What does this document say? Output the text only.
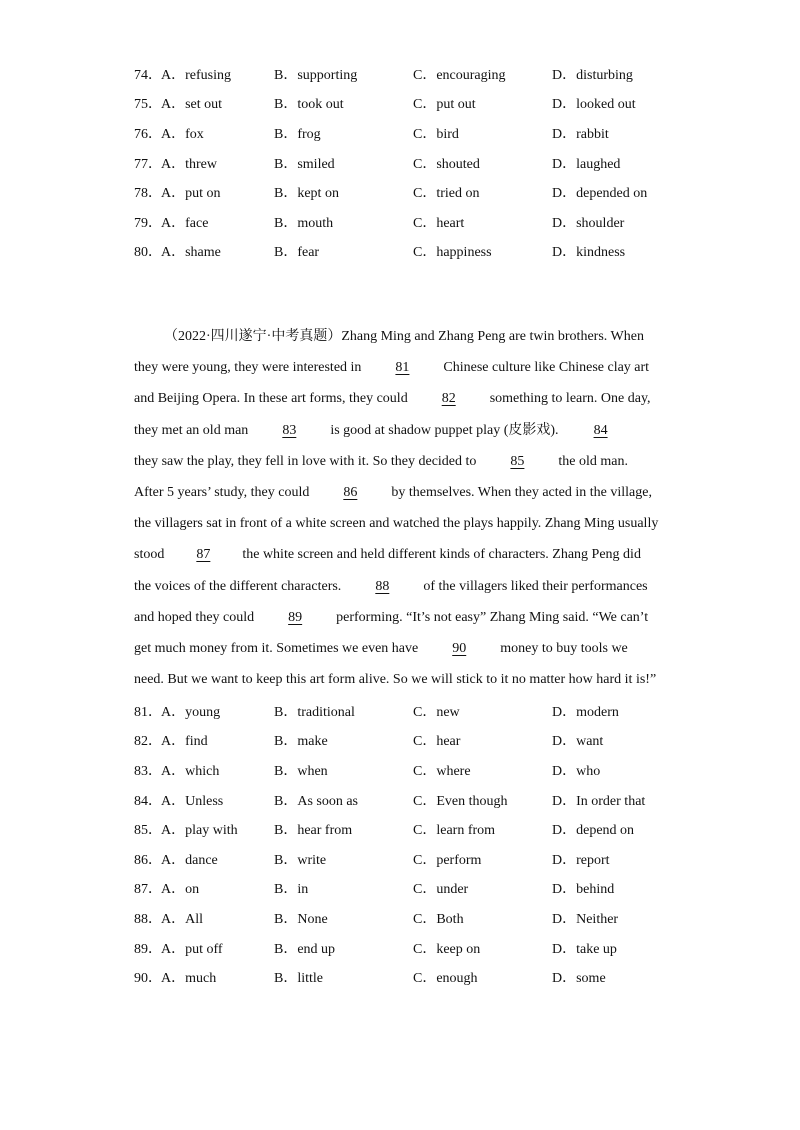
74． A．refusing	B．supporting	C．encouraging	D．disturbing
75． A．set out	B．took out	C．put out	D．looked out
76． A．fox	B．frog	C．bird	D．rabbit
77． A．threw	B．smiled	C．shouted	D．laughed
78． A．put on	B．kept on	C．tried on	D．depended on
79． A．face	B．mouth	C．heart	D．shoulder
80． A．shame	B．fear	C．happiness	D．kindness
（2022·四川遂宁·中考真题）Zhang Ming and Zhang Peng are twin brothers. When
they were young, they were interested in 81 Chinese culture like Chinese clay art
and Beijing Opera. In these art forms, they could 82 something to learn. One day,
they met an old man 83 is good at shadow puppet play (皮影戏).	84
they saw the play, they fell in love with it. So they decided to 85 the old man.
After 5 years’ study, they could 86 by themselves. When they acted in the village,
the villagers sat in front of a white screen and watched the plays happily. Zhang Ming usually
stood 87 the white screen and held different kinds of characters. Zhang Peng did
the voices of the different characters. 88 of the villagers liked their performances
and hoped they could 89 performing. “It’s not easy” Zhang Ming said. “We can’t
get much money from it. Sometimes we even have 90 money to buy tools we
need. But we want to keep this art form alive. So we will stick to it no matter how hard it is!”
81． A．young	B．traditional	C．new	D．modern
82． A．find	B．make	C．hear	D．want
83． A．which	B．when	C．where	D．who
84． A．Unless	B．As soon as	C．Even though	D．In order that
85． A．play with	B．hear from	C．learn from	D．depend on
86． A．dance	B．write	C．perform	D．report
87． A．on	B．in	C．under	D．behind
88． A．All	B．None	C．Both	D．Neither
89． A．put off	B．end up	C．keep on	D．take up
90． A．much	B．little	C．enough	D．some
